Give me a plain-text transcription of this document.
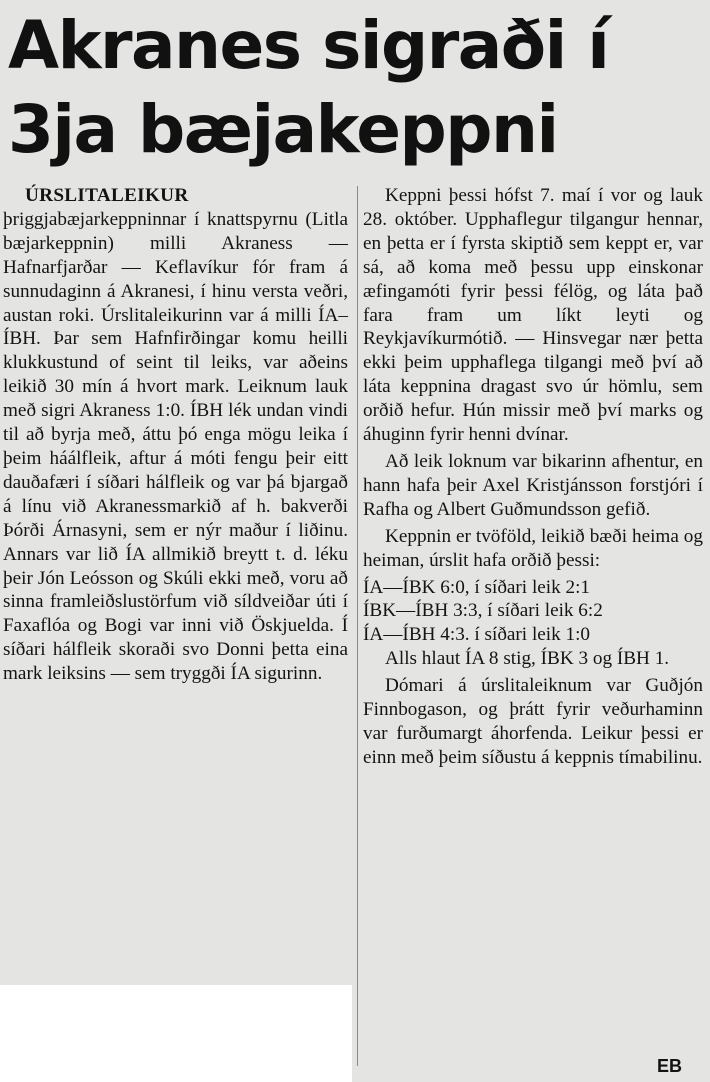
Akranes sigraði í
3ja bæjakeppni

ÚRSLITALEIKUR þriggjabæjarkeppninnar í knattspyrnu (Litla bæjarkeppnin) milli Akraness — Hafnarfjarðar — Keflavíkur fór fram á sunnudaginn á Akranesi, í hinu versta veðri, austan roki. Úrslitaleikurinn var á milli ÍA–ÍBH. Þar sem Hafnfirðingar komu heilli klukkustund of seint til leiks, var aðeins leikið 30 mín á hvort mark. Leiknum lauk með sigri Akraness 1:0. ÍBH lék undan vindi til að byrja með, áttu þó enga mögu leika í þeim háálfleik, aftur á móti fengu þeir eitt dauðafæri í síðari hálfleik og var þá bjargað á línu við Akranessmarkið af h. bakverði Þórði Árnasyni, sem er nýr maður í liðinu. Annars var lið ÍA allmikið breytt t. d. léku þeir Jón Leósson og Skúli ekki með, voru að sinna framleiðslustörfum við síldveiðar úti í Faxaflóa og Bogi var inni við Öskjuelda. Í síðari hálfleik skoraði svo Donni þetta eina mark leiksins — sem tryggði ÍA sigurinn.

Keppni þessi hófst 7. maí í vor og lauk 28. október. Upphaflegur tilgangur hennar, en þetta er í fyrsta skiptið sem keppt er, var sá, að koma með þessu upp einskonar æfingamóti fyrir þessi félög, og láta það fara fram um líkt leyti og Reykjavíkurmótið. — Hinsvegar nær þetta ekki þeim upphaflega tilgangi með því að láta keppnina dragast svo úr hömlu, sem orðið hefur. Hún missir með því marks og áhuginn fyrir henni dvínar.

Að leik loknum var bikarinn afhentur, en hann hafa þeir Axel Kristjánsson forstjóri í Rafha og Albert Guðmundsson gefið.

Keppnin er tvöföld, leikið bæði heima og heiman, úrslit hafa orðið þessi:

ÍA—ÍBK 6:0, í síðari leik 2:1

ÍBK—ÍBH 3:3, í síðari leik 6:2

ÍA—ÍBH 4:3. í síðari leik 1:0

Alls hlaut ÍA 8 stig, ÍBK 3 og ÍBH 1.

Dómari á úrslitaleiknum var Guðjón Finnbogason, og þrátt fyrir veðurhaminn var furðumargt áhorfenda. Leikur þessi er einn með þeim síðustu á keppnis tímabilinu.

EB
